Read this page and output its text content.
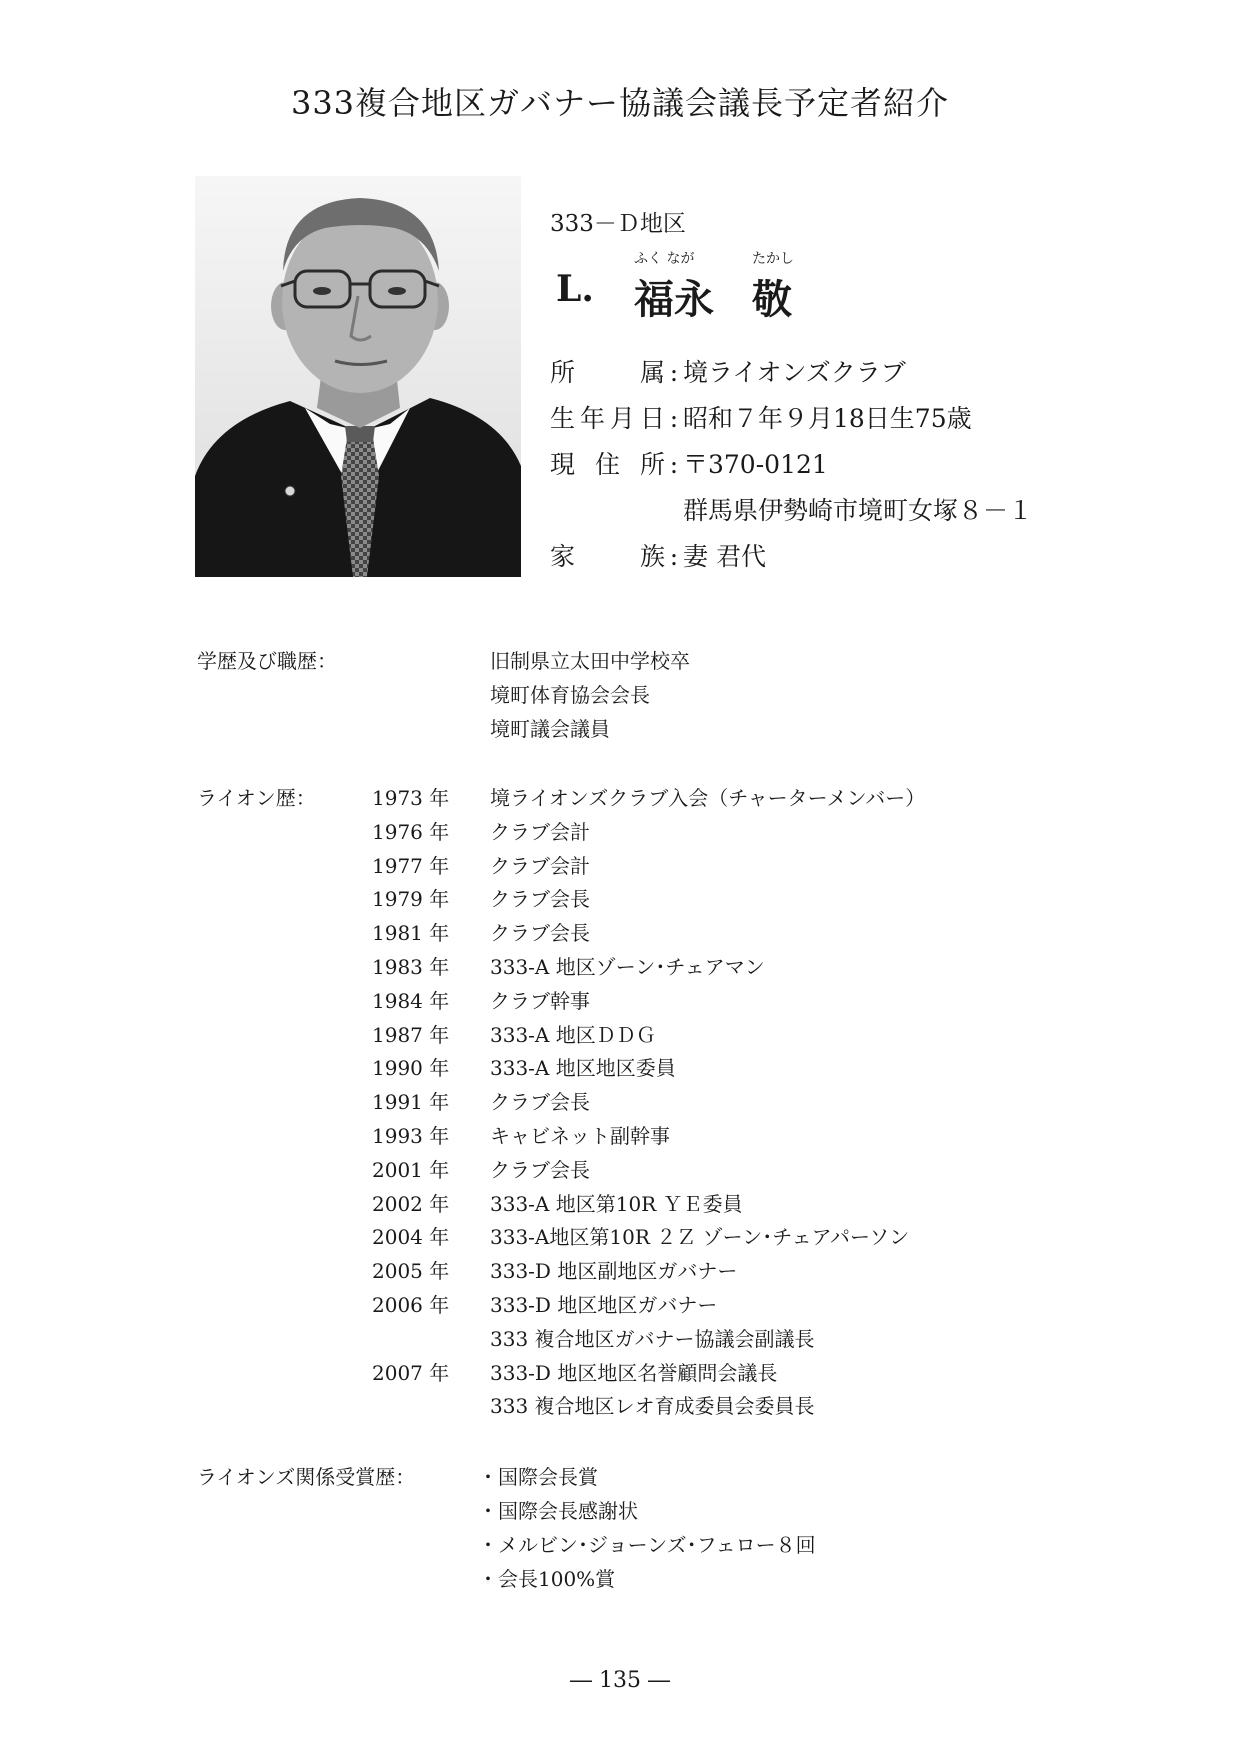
333複合地区ガバナー協議会議長予定者紹介
333－Ｄ地区
L.
ふく なが
福永
たかし
敬
所属 : 境ライオンズクラブ
生年月日 : 昭和７年９月18日生75歳
現住所 : 〒370-0121
群馬県伊勢崎市境町女塚８－１
家族 : 妻 君代
学歴及び職歴：	旧制県立太田中学校卒
境町体育協会会長
境町議会議員
ライオン歴：	1973 年 境ライオンズクラブ入会（チャーターメンバー）
1976 年 クラブ会計
1977 年 クラブ会計
1979 年 クラブ会長
1981 年 クラブ会長
1983 年 333-A 地区ゾーン･チェアマン
1984 年 クラブ幹事
1987 年 333-A 地区ＤＤＧ
1990 年 333-A 地区地区委員
1991 年 クラブ会長
1993 年 キャビネット副幹事
2001 年 クラブ会長
2002 年 333-A 地区第10R ＹＥ委員
2004 年 333-A地区第10R ２Ｚ ゾーン･チェアパーソン
2005 年 333-D 地区副地区ガバナー
2006 年 333-D 地区地区ガバナー
333 複合地区ガバナー協議会副議長
2007 年 333-D 地区地区名誉顧問会議長
333 複合地区レオ育成委員会委員長
ライオンズ関係受賞歴：	・国際会長賞
・国際会長感謝状
・メルビン･ジョーンズ･フェロー８回
・会長100%賞
― 135 ―
